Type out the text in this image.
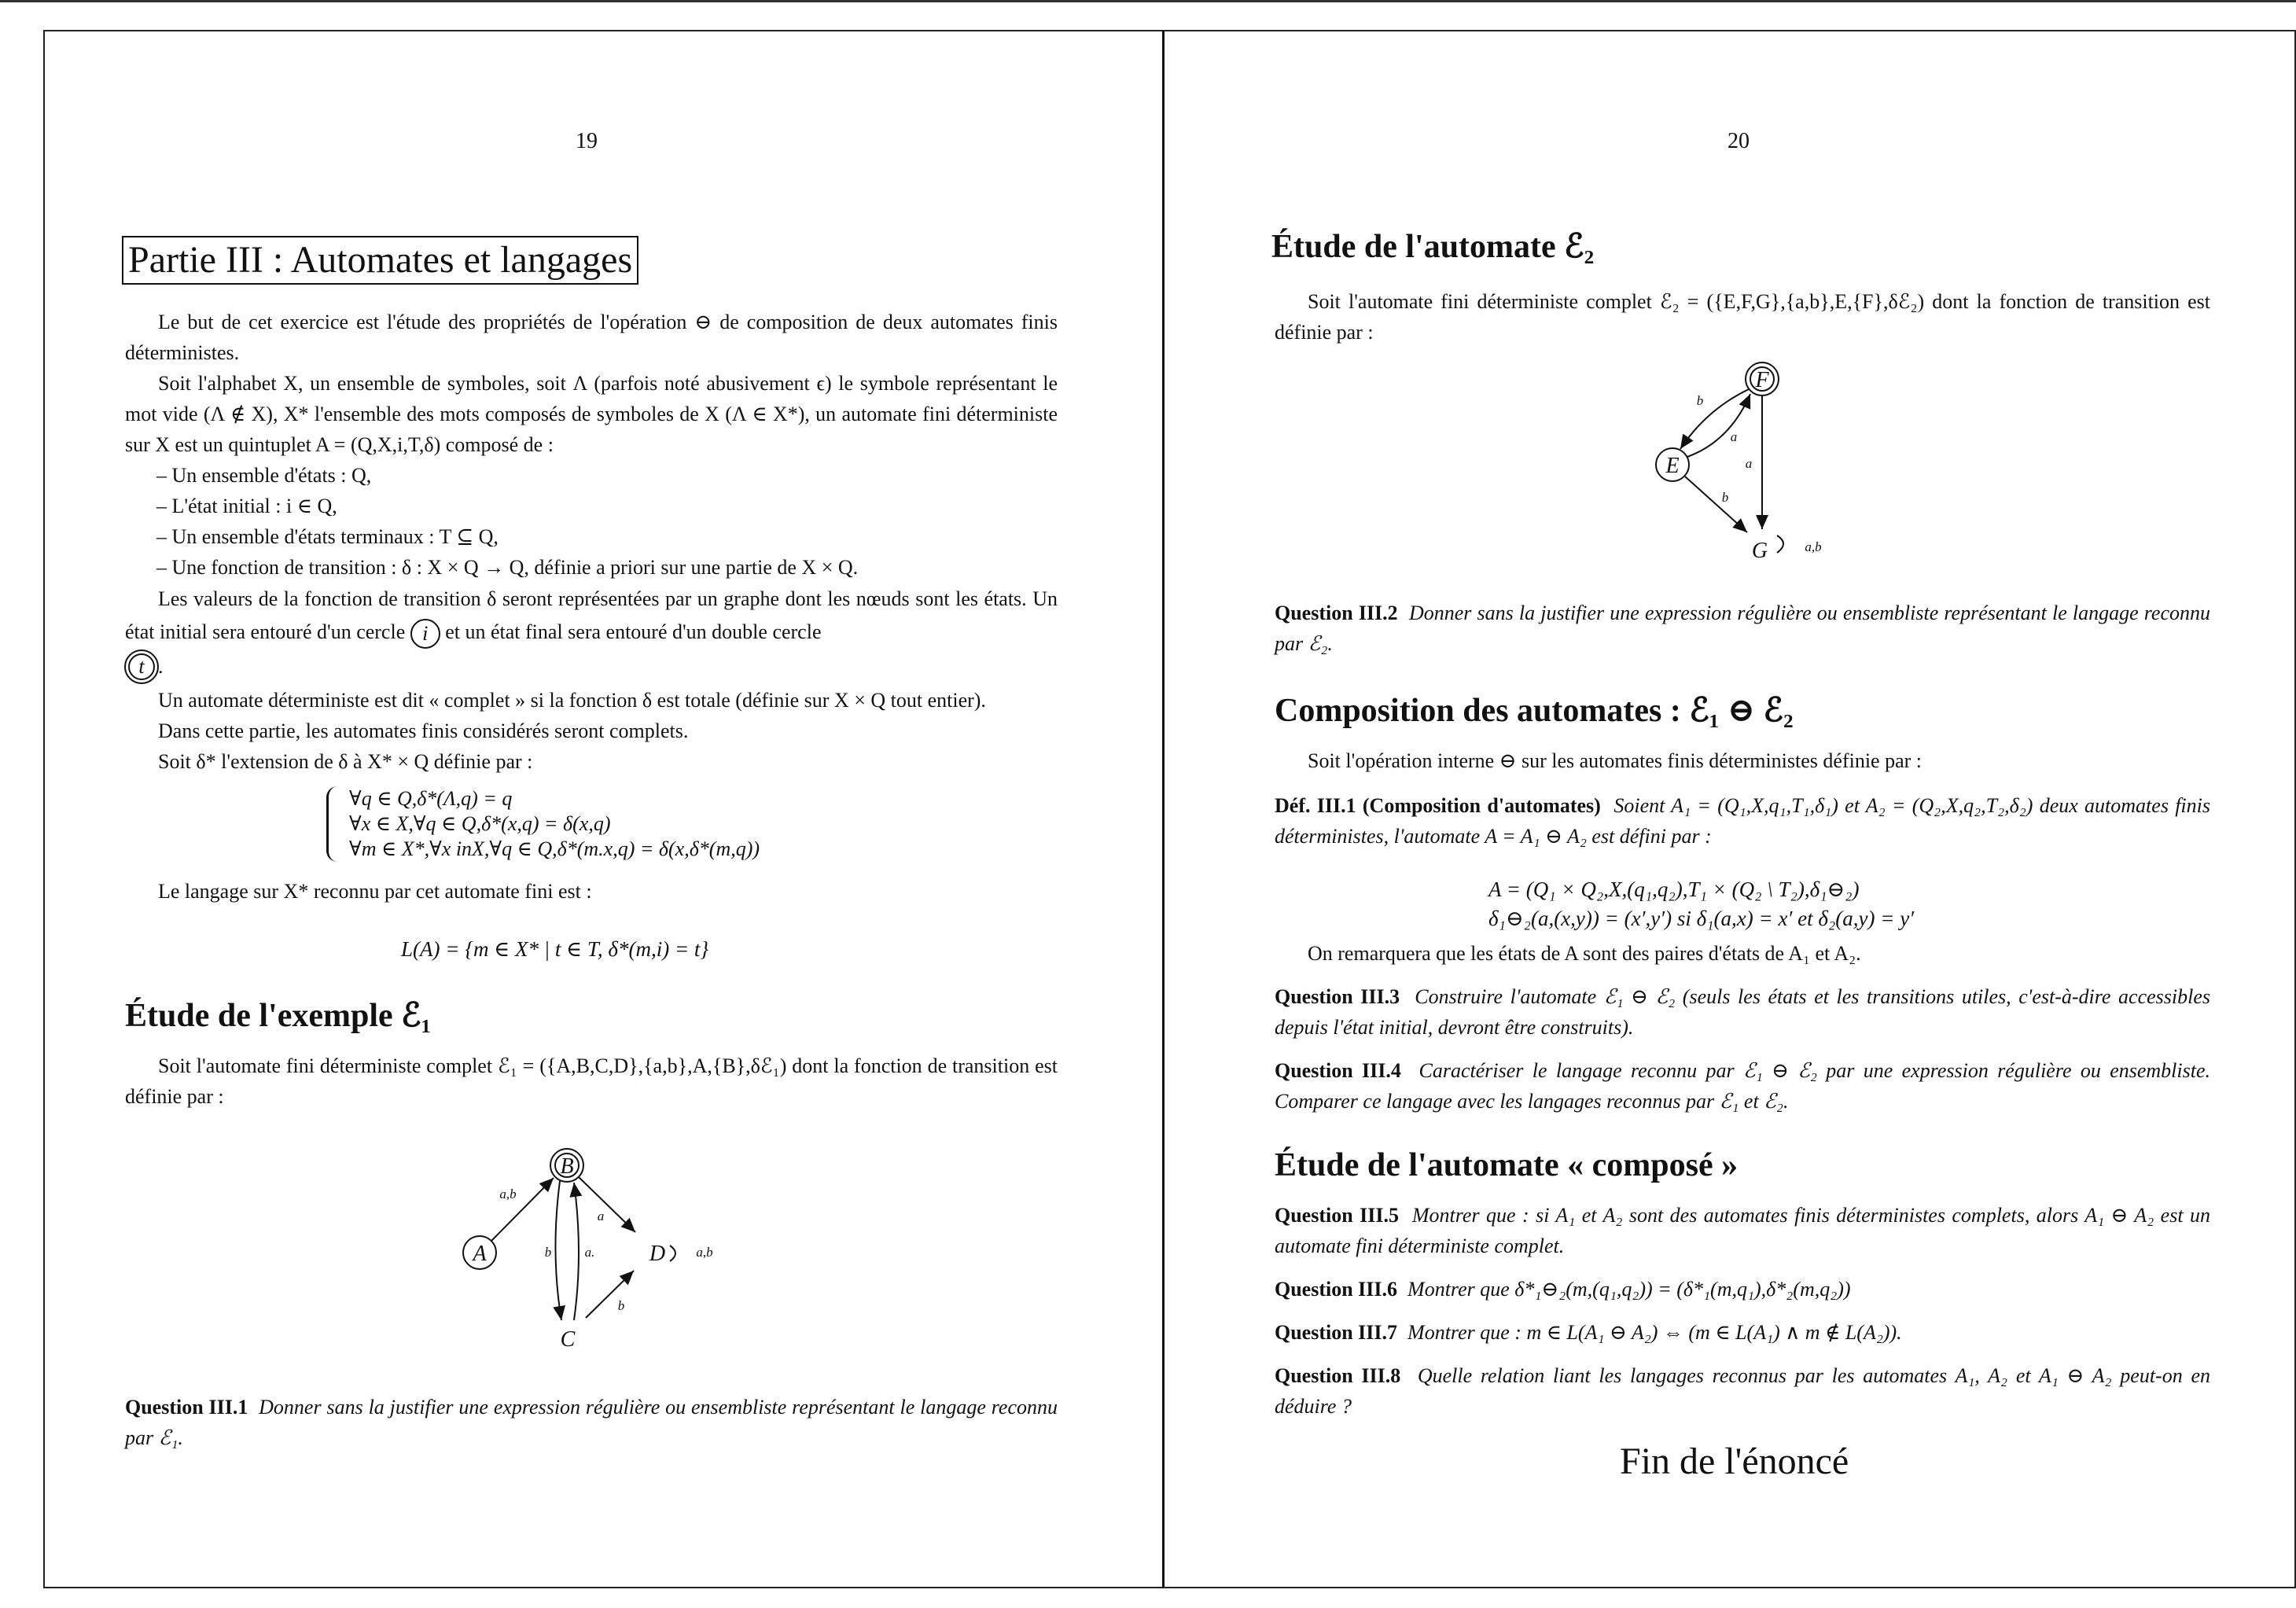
19
Partie III : Automates et langages
Le but de cet exercice est l'étude des propriétés de l'opération ⊖ de composition de deux automates finis déterministes.
Soit l'alphabet X, un ensemble de symboles, soit Λ (parfois noté abusivement ϵ) le symbole représentant le mot vide (Λ ∉ X), X* l'ensemble des mots composés de symboles de X (Λ ∈ X*), un automate fini déterministe sur X est un quintuplet A = (Q,X,i,T,δ) composé de :
– Un ensemble d'états : Q,
– L'état initial : i ∈ Q,
– Un ensemble d'états terminaux : T ⊆ Q,
– Une fonction de transition : δ : X × Q → Q, définie a priori sur une partie de X × Q.
Les valeurs de la fonction de transition δ seront représentées par un graphe dont les nœuds sont les états. Un état initial sera entouré d'un cercle i et un état final sera entouré d'un double cercle
t .
Un automate déterministe est dit « complet » si la fonction δ est totale (définie sur X × Q tout entier).
Dans cette partie, les automates finis considérés seront complets.
Soit δ* l'extension de δ à X* × Q définie par :
∀q ∈ Q,δ*(Λ,q) = q
∀x ∈ X,∀q ∈ Q,δ*(x,q) = δ(x,q)
∀m ∈ X*,∀x inX,∀q ∈ Q,δ*(m.x,q) = δ(x,δ*(m,q))
Le langage sur X* reconnu par cet automate fini est :
L(A) = {m ∈ X* | t ∈ T, δ*(m,i) = t}
Étude de l'exemple ℰ₁
Soit l'automate fini déterministe complet ℰ₁ = ({A,B,C,D},{a,b},A,{B},δℰ₁) dont la fonction de transition est définie par :
A
B
C
D
a,b
a
b a.
b
a,b
Question III.1 Donner sans la justifier une expression régulière ou ensembliste représentant le langage reconnu par ℰ₁.
20
Étude de l'automate ℰ₂
Soit l'automate fini déterministe complet ℰ₂ = ({E,F,G},{a,b},E,{F},δℰ₂) dont la fonction de transition est définie par :
E
F
G
b
a
a
b
a,b
Question III.2 Donner sans la justifier une expression régulière ou ensembliste représentant le langage reconnu par ℰ₂.
Composition des automates : ℰ₁ ⊖ ℰ₂
Soit l'opération interne ⊖ sur les automates finis déterministes définie par :
Déf. III.1 (Composition d'automates) Soient A₁ = (Q₁,X,q₁,T₁,δ₁) et A₂ = (Q₂,X,q₂,T₂,δ₂) deux automates finis déterministes, l'automate A = A₁ ⊖ A₂ est défini par :
A = (Q₁ × Q₂,X,(q₁,q₂),T₁ × (Q₂ \ T₂),δ₁⊖₂)
δ₁⊖₂(a,(x,y)) = (x′,y′) si δ₁(a,x) = x′ et δ₂(a,y) = y′
On remarquera que les états de A sont des paires d'états de A₁ et A₂.
Question III.3 Construire l'automate ℰ₁ ⊖ ℰ₂ (seuls les états et les transitions utiles, c'est-à-dire accessibles depuis l'état initial, devront être construits).
Question III.4 Caractériser le langage reconnu par ℰ₁ ⊖ ℰ₂ par une expression régulière ou ensembliste. Comparer ce langage avec les langages reconnus par ℰ₁ et ℰ₂.
Étude de l'automate « composé »
Question III.5 Montrer que : si A₁ et A₂ sont des automates finis déterministes complets, alors A₁ ⊖ A₂ est un automate fini déterministe complet.
Question III.6 Montrer que δ*₁⊖₂(m,(q₁,q₂)) = (δ*₁(m,q₁),δ*₂(m,q₂))
Question III.7 Montrer que : m ∈ L(A₁ ⊖ A₂) ⇔ (m ∈ L(A₁) ∧ m ∉ L(A₂)).
Question III.8 Quelle relation liant les langages reconnus par les automates A₁, A₂ et A₁ ⊖ A₂ peut-on en déduire ?
Fin de l'énoncé
